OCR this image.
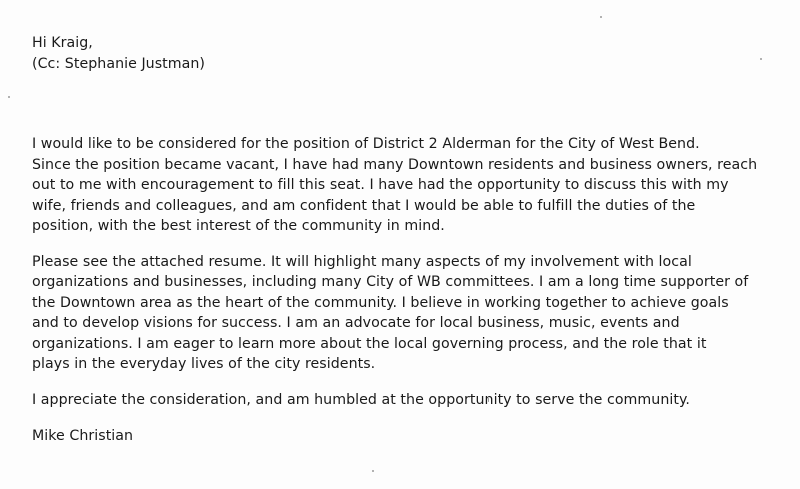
Hi Kraig,
(Cc: Stephanie Justman)

I would like to be considered for the position of District 2 Alderman for the City of West Bend.
Since the position became vacant, I have had many Downtown residents and business owners, reach
out to me with encouragement to fill this seat. I have had the opportunity to discuss this with my
wife, friends and colleagues, and am confident that I would be able to fulfill the duties of the
position, with the best interest of the community in mind.

Please see the attached resume. It will highlight many aspects of my involvement with local
organizations and businesses, including many City of WB committees. I am a long time supporter of
the Downtown area as the heart of the community. I believe in working together to achieve goals
and to develop visions for success. I am an advocate for local business, music, events and
organizations. I am eager to learn more about the local governing process, and the role that it
plays in the everyday lives of the city residents.

I appreciate the consideration, and am humbled at the opportunity to serve the community.

Mike Christian
